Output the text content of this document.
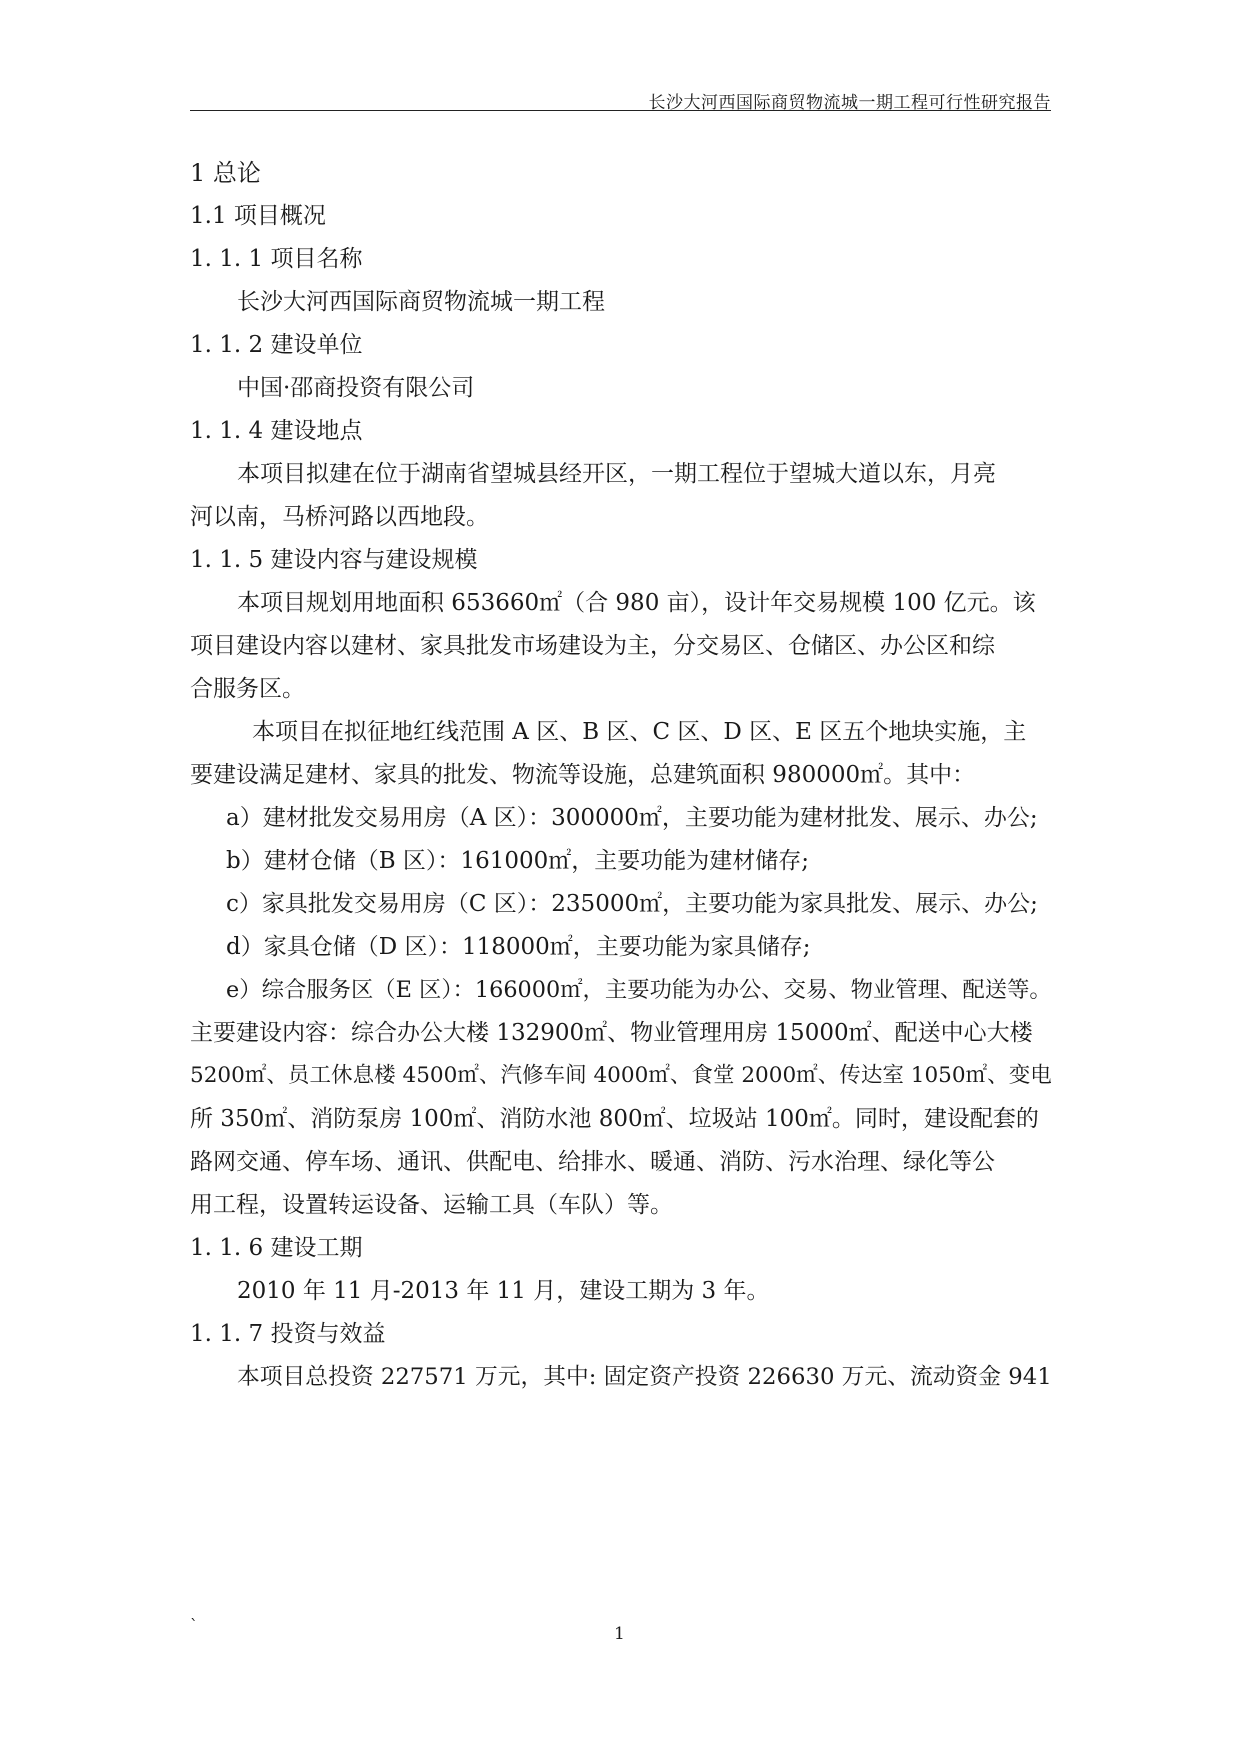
长沙大河西国际商贸物流城一期工程可行性研究报告
1 总论
1.1 项目概况
1. 1. 1 项目名称
长沙大河西国际商贸物流城一期工程
1. 1. 2 建设单位
中国·邵商投资有限公司
1. 1. 4 建设地点
本项目拟建在位于湖南省望城县经开区，一期工程位于望城大道以东，月亮
河以南，马桥河路以西地段。
1. 1. 5 建设内容与建设规模
本项目规划用地面积 653660㎡（合 980 亩），设计年交易规模 100 亿元。该
项目建设内容以建材、家具批发市场建设为主，分交易区、仓储区、办公区和综
合服务区。
本项目在拟征地红线范围 A 区、B 区、C 区、D 区、E 区五个地块实施，主
要建设满足建材、家具的批发、物流等设施，总建筑面积 980000㎡。其中：
a）建材批发交易用房（A 区）：300000㎡，主要功能为建材批发、展示、办公;
b）建材仓储（B 区）：161000㎡，主要功能为建材储存;
c）家具批发交易用房（C 区）：235000㎡，主要功能为家具批发、展示、办公;
d）家具仓储（D 区）：118000㎡，主要功能为家具储存;
e）综合服务区（E 区）：166000㎡，主要功能为办公、交易、物业管理、配送等。
主要建设内容：综合办公大楼 132900㎡、物业管理用房 15000㎡、配送中心大楼
5200㎡、员工休息楼 4500㎡、汽修车间 4000㎡、食堂 2000㎡、传达室 1050㎡、变电
所 350㎡、消防泵房 100㎡、消防水池 800㎡、垃圾站 100㎡。同时，建设配套的
路网交通、停车场、通讯、供配电、给排水、暖通、消防、污水治理、绿化等公
用工程，设置转运设备、运输工具（车队）等。
1. 1. 6 建设工期
2010 年 11 月-2013 年 11 月，建设工期为 3 年。
1. 1. 7 投资与效益
本项目总投资 227571 万元，其中: 固定资产投资 226630 万元、流动资金 941
`	1
